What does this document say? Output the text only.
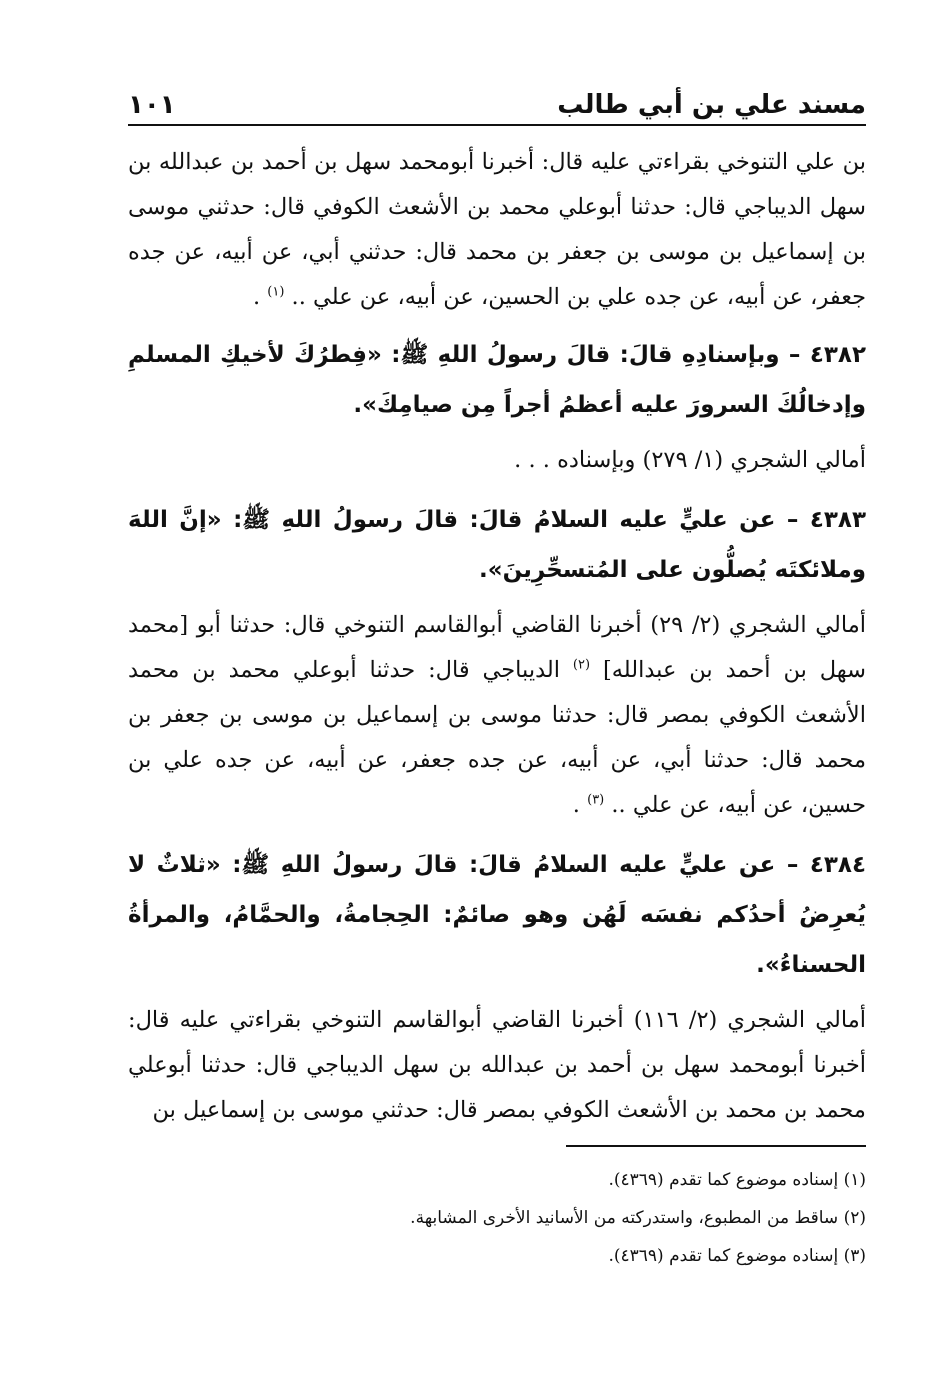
مسند علي بن أبي طالب
١٠١

بن علي التنوخي بقراءتي عليه قال: أخبرنا أبومحمد سهل بن أحمد بن عبدالله بن سهل الديباجي قال: حدثنا أبوعلي محمد بن الأشعث الكوفي قال: حدثني موسى بن إسماعيل بن موسى بن جعفر بن محمد قال: حدثني أبي، عن أبيه، عن جده جعفر، عن أبيه، عن جده علي بن الحسين، عن أبيه، عن علي .. $^{(١)}$ .

٤٣٨٢ – وبإسنادِهِ قالَ: قالَ رسولُ اللهِ ﷺ: «فِطرُكَ لأخيكِ المسلمِ وإدخالُكَ السرورَ عليه أعظمُ أجراً مِن صيامِكَ».

أمالي الشجري (١/ ٢٧٩) وبإسناده . . .

٤٣٨٣ – عن عليٍّ عليه السلامُ قالَ: قالَ رسولُ اللهِ ﷺ: «إنَّ اللهَ وملائكتَه يُصلُّون على المُتسحِّرِينَ».

أمالي الشجري (٢/ ٢٩) أخبرنا القاضي أبوالقاسم التنوخي قال: حدثنا أبو [محمد سهل بن أحمد بن عبدالله] $^{(٢)}$ الديباجي قال: حدثنا أبوعلي محمد بن محمد الأشعث الكوفي بمصر قال: حدثنا موسى بن إسماعيل بن موسى بن جعفر بن محمد قال: حدثنا أبي، عن أبيه، عن جده جعفر، عن أبيه، عن جده علي بن حسين، عن أبيه، عن علي .. $^{(٣)}$ .

٤٣٨٤ – عن عليٍّ عليه السلامُ قالَ: قالَ رسولُ اللهِ ﷺ: «ثلاثٌ لا يُعرِضُ أحدُكم نفسَه لَهُن وهو صائمٌ: الحِجامةُ، والحمَّامُ، والمرأةُ الحسناءُ».

أمالي الشجري (٢/ ١١٦) أخبرنا القاضي أبوالقاسم التنوخي بقراءتي عليه قال: أخبرنا أبومحمد سهل بن أحمد بن عبدالله بن سهل الديباجي قال: حدثنا أبوعلي محمد بن محمد بن الأشعث الكوفي بمصر قال: حدثني موسى بن إسماعيل بن

(١) إسناده موضوع كما تقدم (٤٣٦٩).

(٢) ساقط من المطبوع، واستدركته من الأسانيد الأخرى المشابهة.

(٣) إسناده موضوع كما تقدم (٤٣٦٩).
